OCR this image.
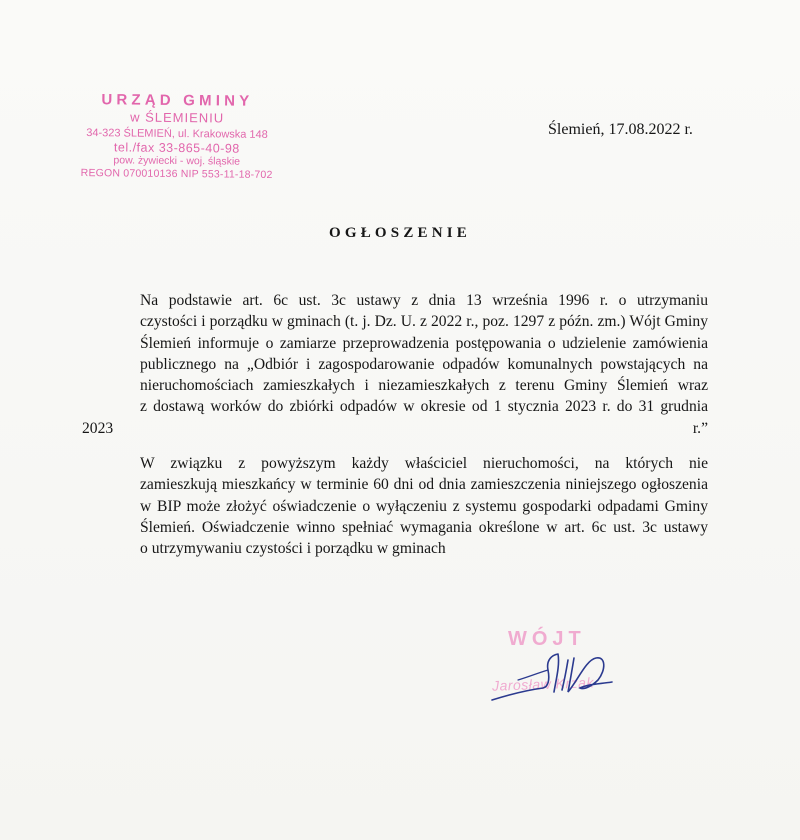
URZĄD GMINY
w ŚLEMIENIU
34-323 ŚLEMIEŃ, ul. Krakowska 148
tel./fax 33-865-40-98
pow. żywiecki - woj. śląskie
REGON 070010136 NIP 553-11-18-702
Ślemień, 17.08.2022 r.
OGŁOSZENIE
Na podstawie art. 6c ust. 3c ustawy z dnia 13 września 1996 r. o utrzymaniu
czystości i porządku w gminach (t. j. Dz. U. z 2022 r., poz. 1297 z późn. zm.) Wójt Gminy
Ślemień informuje o zamiarze przeprowadzenia postępowania o udzielenie zamówienia
publicznego na „Odbiór i zagospodarowanie odpadów komunalnych powstających na
nieruchomościach zamieszkałych i niezamieszkałych z terenu Gminy Ślemień wraz
z dostawą worków do zbiórki odpadów w okresie od 1 stycznia 2023 r. do 31 grudnia 2023 r.”
W związku z powyższym każdy właściciel nieruchomości, na których nie
zamieszkują mieszkańcy w terminie 60 dni od dnia zamieszczenia niniejszego ogłoszenia
w BIP może złożyć oświadczenie o wyłączeniu z systemu gospodarki odpadami Gminy
Ślemień. Oświadczenie winno spełniać wymagania określone w art. 6c ust. 3c ustawy
o utrzymywaniu czystości i porządku w gminach
WÓJT
Jarosław Krzak
